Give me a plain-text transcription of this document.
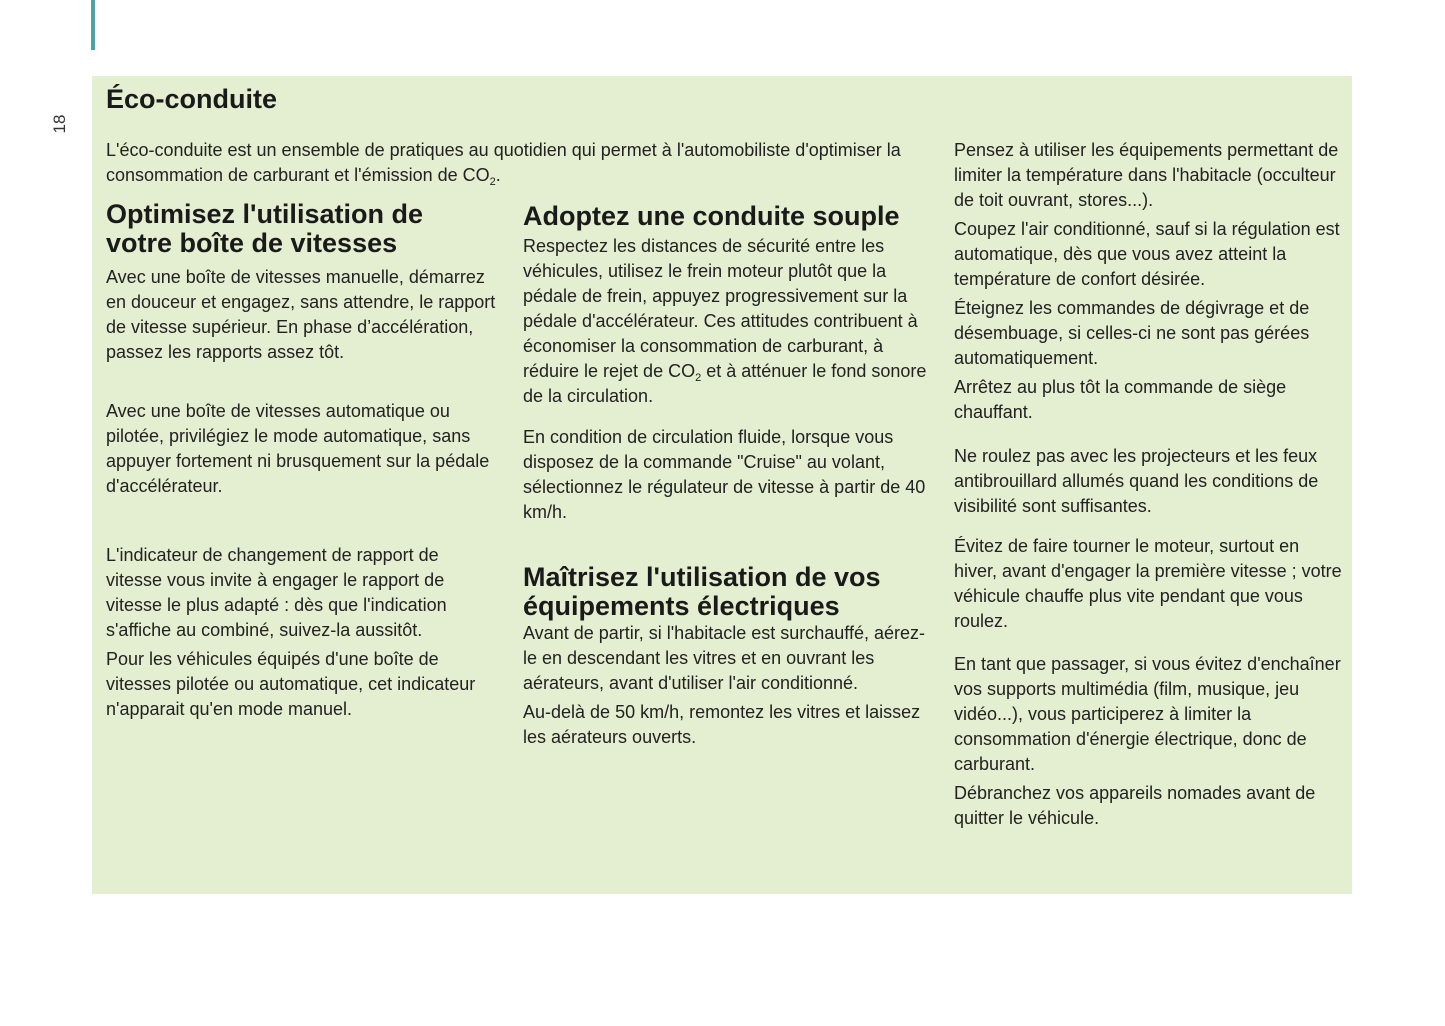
18
Éco-conduite

L'éco-conduite est un ensemble de pratiques au quotidien qui permet à l'automobiliste d'optimiser la consommation de carburant et l'émission de $CO_2$.

Optimisez l'utilisation de votre boîte de vitesses

Avec une boîte de vitesses manuelle, démarrez en douceur et engagez, sans attendre, le rapport de vitesse supérieur. En phase d’accélération, passez les rapports assez tôt.

Avec une boîte de vitesses automatique ou pilotée, privilégiez le mode automatique, sans appuyer fortement ni brusquement sur la pédale d'accélérateur.

L'indicateur de changement de rapport de vitesse vous invite à engager le rapport de vitesse le plus adapté : dès que l'indication s'affiche au combiné, suivez-la aussitôt.

Pour les véhicules équipés d'une boîte de vitesses pilotée ou automatique, cet indicateur n'apparait qu'en mode manuel.

Adoptez une conduite souple

Respectez les distances de sécurité entre les véhicules, utilisez le frein moteur plutôt que la pédale de frein, appuyez progressivement sur la pédale d'accélérateur. Ces attitudes contribuent à économiser la consommation de carburant, à réduire le rejet de $CO_2$ et à atténuer le fond sonore de la circulation.

En condition de circulation fluide, lorsque vous disposez de la commande "Cruise" au volant, sélectionnez le régulateur de vitesse à partir de 40 km/h.

Maîtrisez l'utilisation de vos équipements électriques

Avant de partir, si l'habitacle est surchauffé, aérez-le en descendant les vitres et en ouvrant les aérateurs, avant d'utiliser l'air conditionné.

Au-delà de 50 km/h, remontez les vitres et laissez les aérateurs ouverts.

Pensez à utiliser les équipements permettant de limiter la température dans l'habitacle (occulteur de toit ouvrant, stores...).

Coupez l'air conditionné, sauf si la régulation est automatique, dès que vous avez atteint la température de confort désirée.

Éteignez les commandes de dégivrage et de désembuage, si celles-ci ne sont pas gérées automatiquement.

Arrêtez au plus tôt la commande de siège chauffant.

Ne roulez pas avec les projecteurs et les feux antibrouillard allumés quand les conditions de visibilité sont suffisantes.

Évitez de faire tourner le moteur, surtout en hiver, avant d'engager la première vitesse ; votre véhicule chauffe plus vite pendant que vous roulez.

En tant que passager, si vous évitez d'enchaîner vos supports multimédia (film, musique, jeu vidéo...), vous participerez à limiter la consommation d'énergie électrique, donc de carburant.

Débranchez vos appareils nomades avant de quitter le véhicule.
